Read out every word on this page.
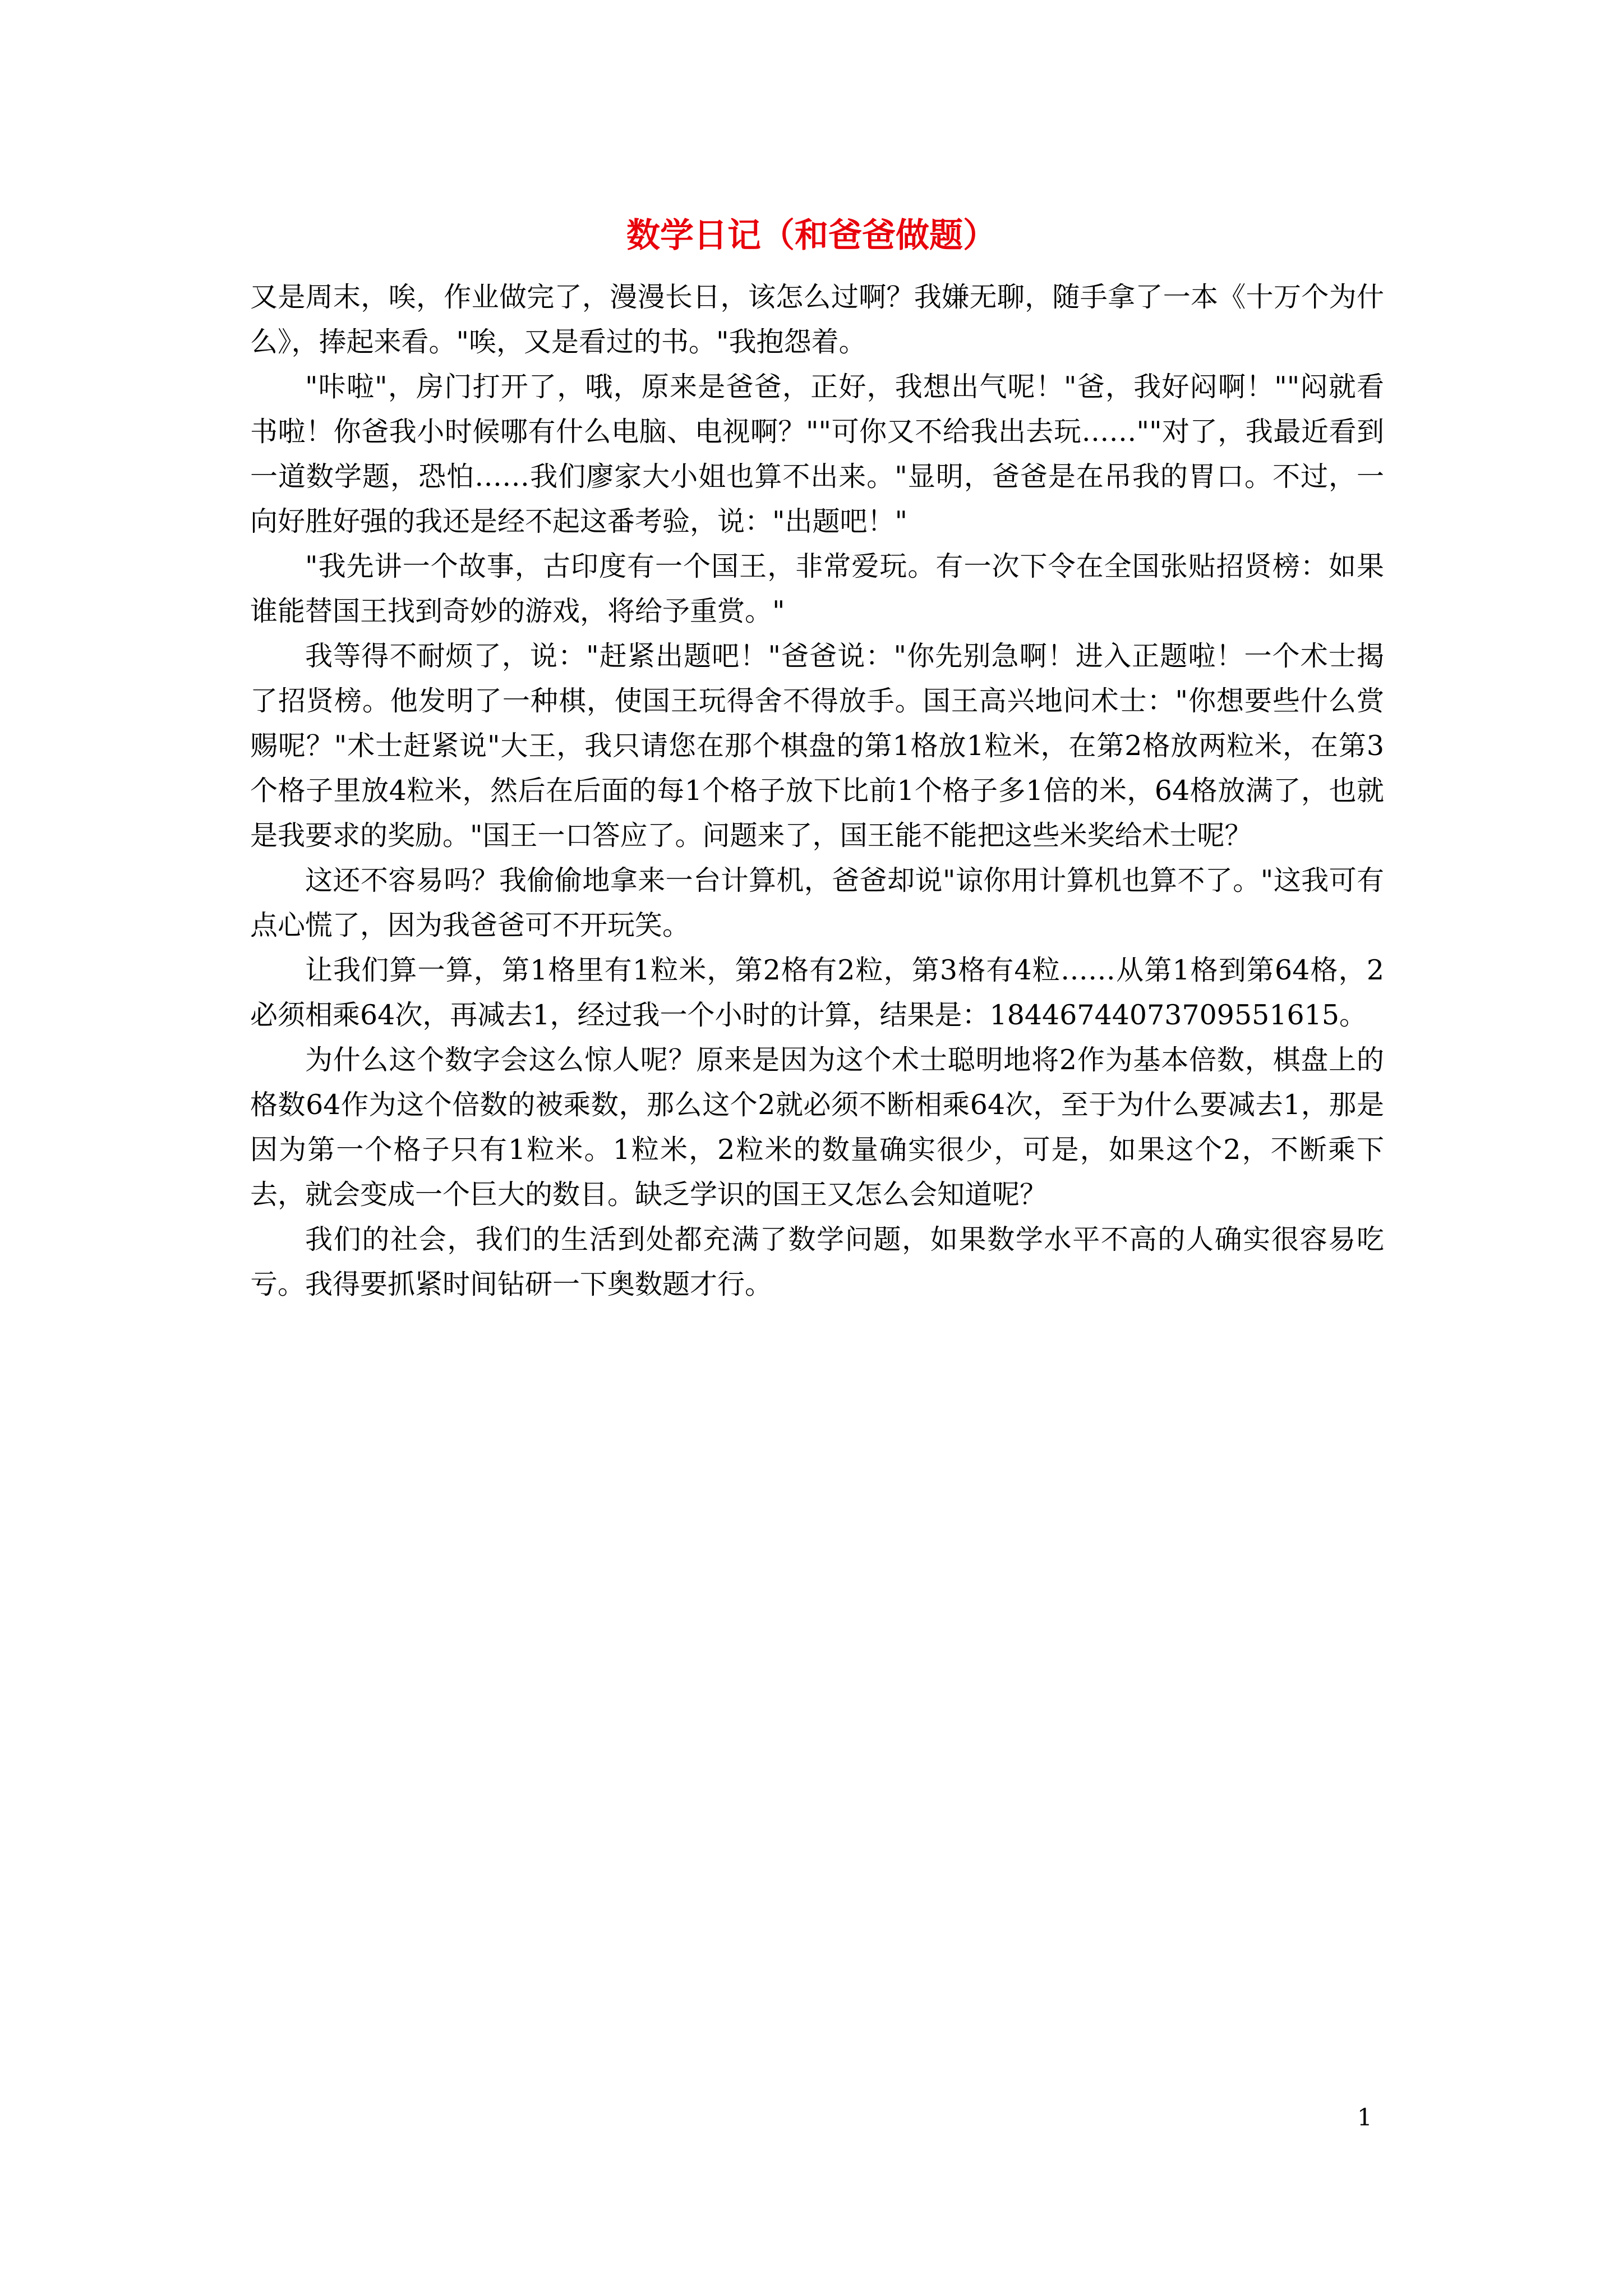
数学日记（和爸爸做题）

又是周末，唉，作业做完了，漫漫长日，该怎么过啊？我嫌无聊，随手拿了一本《十万个为什么》，捧起来看。"唉，又是看过的书。"我抱怨着。

"咔啦"，房门打开了，哦，原来是爸爸，正好，我想出气呢！"爸，我好闷啊！""闷就看书啦！你爸我小时候哪有什么电脑、电视啊？""可你又不给我出去玩……""对了，我最近看到一道数学题，恐怕……我们廖家大小姐也算不出来。"显明，爸爸是在吊我的胃口。不过，一向好胜好强的我还是经不起这番考验，说："出题吧！"

"我先讲一个故事，古印度有一个国王，非常爱玩。有一次下令在全国张贴招贤榜：如果谁能替国王找到奇妙的游戏，将给予重赏。"

我等得不耐烦了，说："赶紧出题吧！"爸爸说："你先别急啊！进入正题啦！一个术士揭了招贤榜。他发明了一种棋，使国王玩得舍不得放手。国王高兴地问术士："你想要些什么赏赐呢？"术士赶紧说"大王，我只请您在那个棋盘的第1格放1粒米，在第2格放两粒米，在第3个格子里放4粒米，然后在后面的每1个格子放下比前1个格子多1倍的米，64格放满了，也就是我要求的奖励。"国王一口答应了。问题来了，国王能不能把这些米奖给术士呢？

这还不容易吗？我偷偷地拿来一台计算机，爸爸却说"谅你用计算机也算不了。"这我可有点心慌了，因为我爸爸可不开玩笑。

让我们算一算，第1格里有1粒米，第2格有2粒，第3格有4粒……从第1格到第64格，2必须相乘64次，再减去1，经过我一个小时的计算，结果是：18446744073709551615。

为什么这个数字会这么惊人呢？原来是因为这个术士聪明地将2作为基本倍数，棋盘上的格数64作为这个倍数的被乘数，那么这个2就必须不断相乘64次，至于为什么要减去1，那是因为第一个格子只有1粒米。1粒米，2粒米的数量确实很少，可是，如果这个2，不断乘下去，就会变成一个巨大的数目。缺乏学识的国王又怎么会知道呢？

我们的社会，我们的生活到处都充满了数学问题，如果数学水平不高的人确实很容易吃亏。我得要抓紧时间钻研一下奥数题才行。

1
